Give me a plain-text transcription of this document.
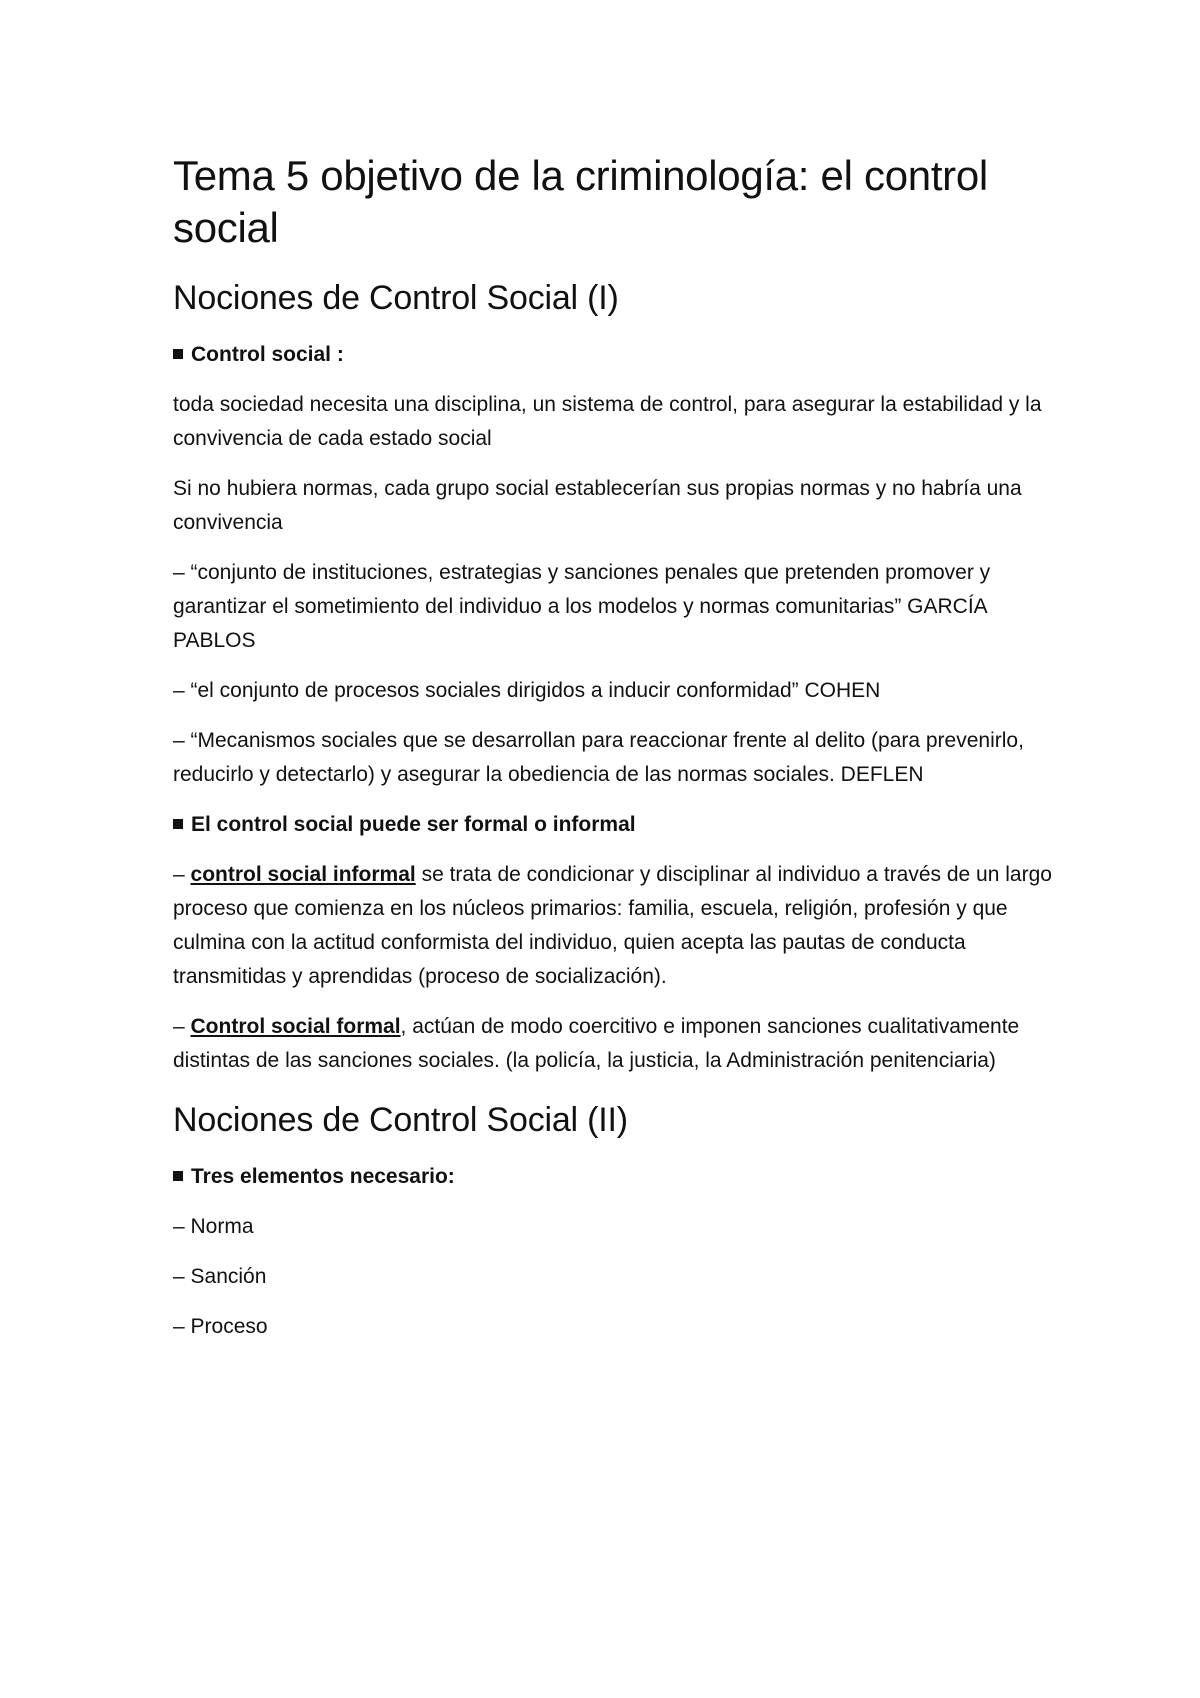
Tema 5 objetivo de la criminología: el control social
Nociones de Control Social (I)
Control social :

toda sociedad necesita una disciplina, un sistema de control, para asegurar la estabilidad y la convivencia de cada estado social

Si no hubiera normas, cada grupo social establecerían sus propias normas y no habría una convivencia

– “conjunto de instituciones, estrategias y sanciones penales que pretenden promover y garantizar el sometimiento del individuo a los modelos y normas comunitarias” GARCÍA PABLOS

– “el conjunto de procesos sociales dirigidos a inducir conformidad” COHEN

– “Mecanismos sociales que se desarrollan para reaccionar frente al delito (para prevenirlo, reducirlo y detectarlo) y asegurar la obediencia de las normas sociales. DEFLEN

El control social puede ser formal o informal

– control social informal se trata de condicionar y disciplinar al individuo a través de un largo proceso que comienza en los núcleos primarios: familia, escuela, religión, profesión y que culmina con la actitud conformista del individuo, quien acepta las pautas de conducta transmitidas y aprendidas (proceso de socialización).

– Control social formal, actúan de modo coercitivo e imponen sanciones cualitativamente distintas de las sanciones sociales. (la policía, la justicia, la Administración penitenciaria)

Nociones de Control Social (II)
Tres elementos necesario:

– Norma

– Sanción

– Proceso
